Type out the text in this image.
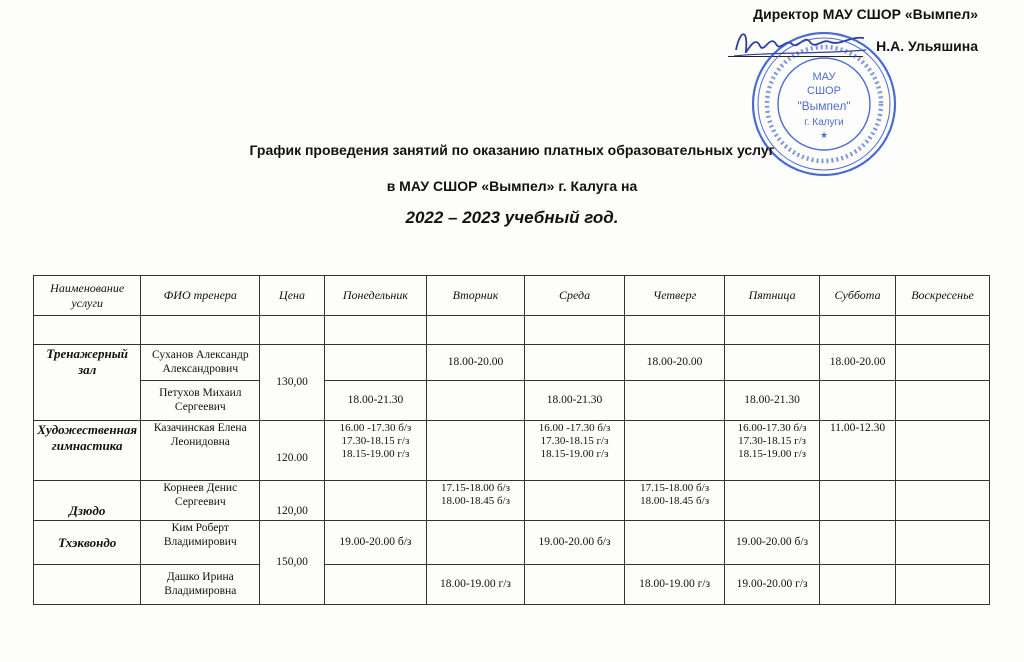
Директор МАУ СШОР «Вымпел»
Н.А. Ульяшина
МАУ
СШОР
"Вымпел"
г. Калуги
★
График проведения занятий по оказанию платных образовательных услуг
в МАУ СШОР «Вымпел» г. Калуга на
2022 – 2023 учебный год.
Наименование услуги	ФИО тренера	Цена	Понедельник	Вторник	Среда	Четверг	Пятница	Суббота	Воскресенье

Тренажерный зал	Суханов Александр Александрович	130,00		18.00-20.00		18.00-20.00		18.00-20.00	
	Петухов Михаил Сергеевич		18.00-21.30		18.00-21.30		18.00-21.30		
Художественная гимнастика	Казачинская Елена Леонидовна	120.00	16.00 -17.30 б/з 17.30-18.15 г/з 18.15-19.00 г/з		16.00 -17.30 б/з 17.30-18.15 г/з 18.15-19.00 г/з		16.00-17.30 б/з 17.30-18.15 г/з 18.15-19.00 г/з	11.00-12.30	
Дзюдо	Корнеев Денис Сергеевич	120,00		17.15-18.00 б/з 18.00-18.45 б/з		17.15-18.00 б/з 18.00-18.45 б/з			
Тхэквондо	Ким Роберт Владимирович	150,00	19.00-20.00 б/з		19.00-20.00 б/з		19.00-20.00 б/з		
	Дашко Ирина Владимировна			18.00-19.00 г/з		18.00-19.00 г/з	19.00-20.00 г/з		
